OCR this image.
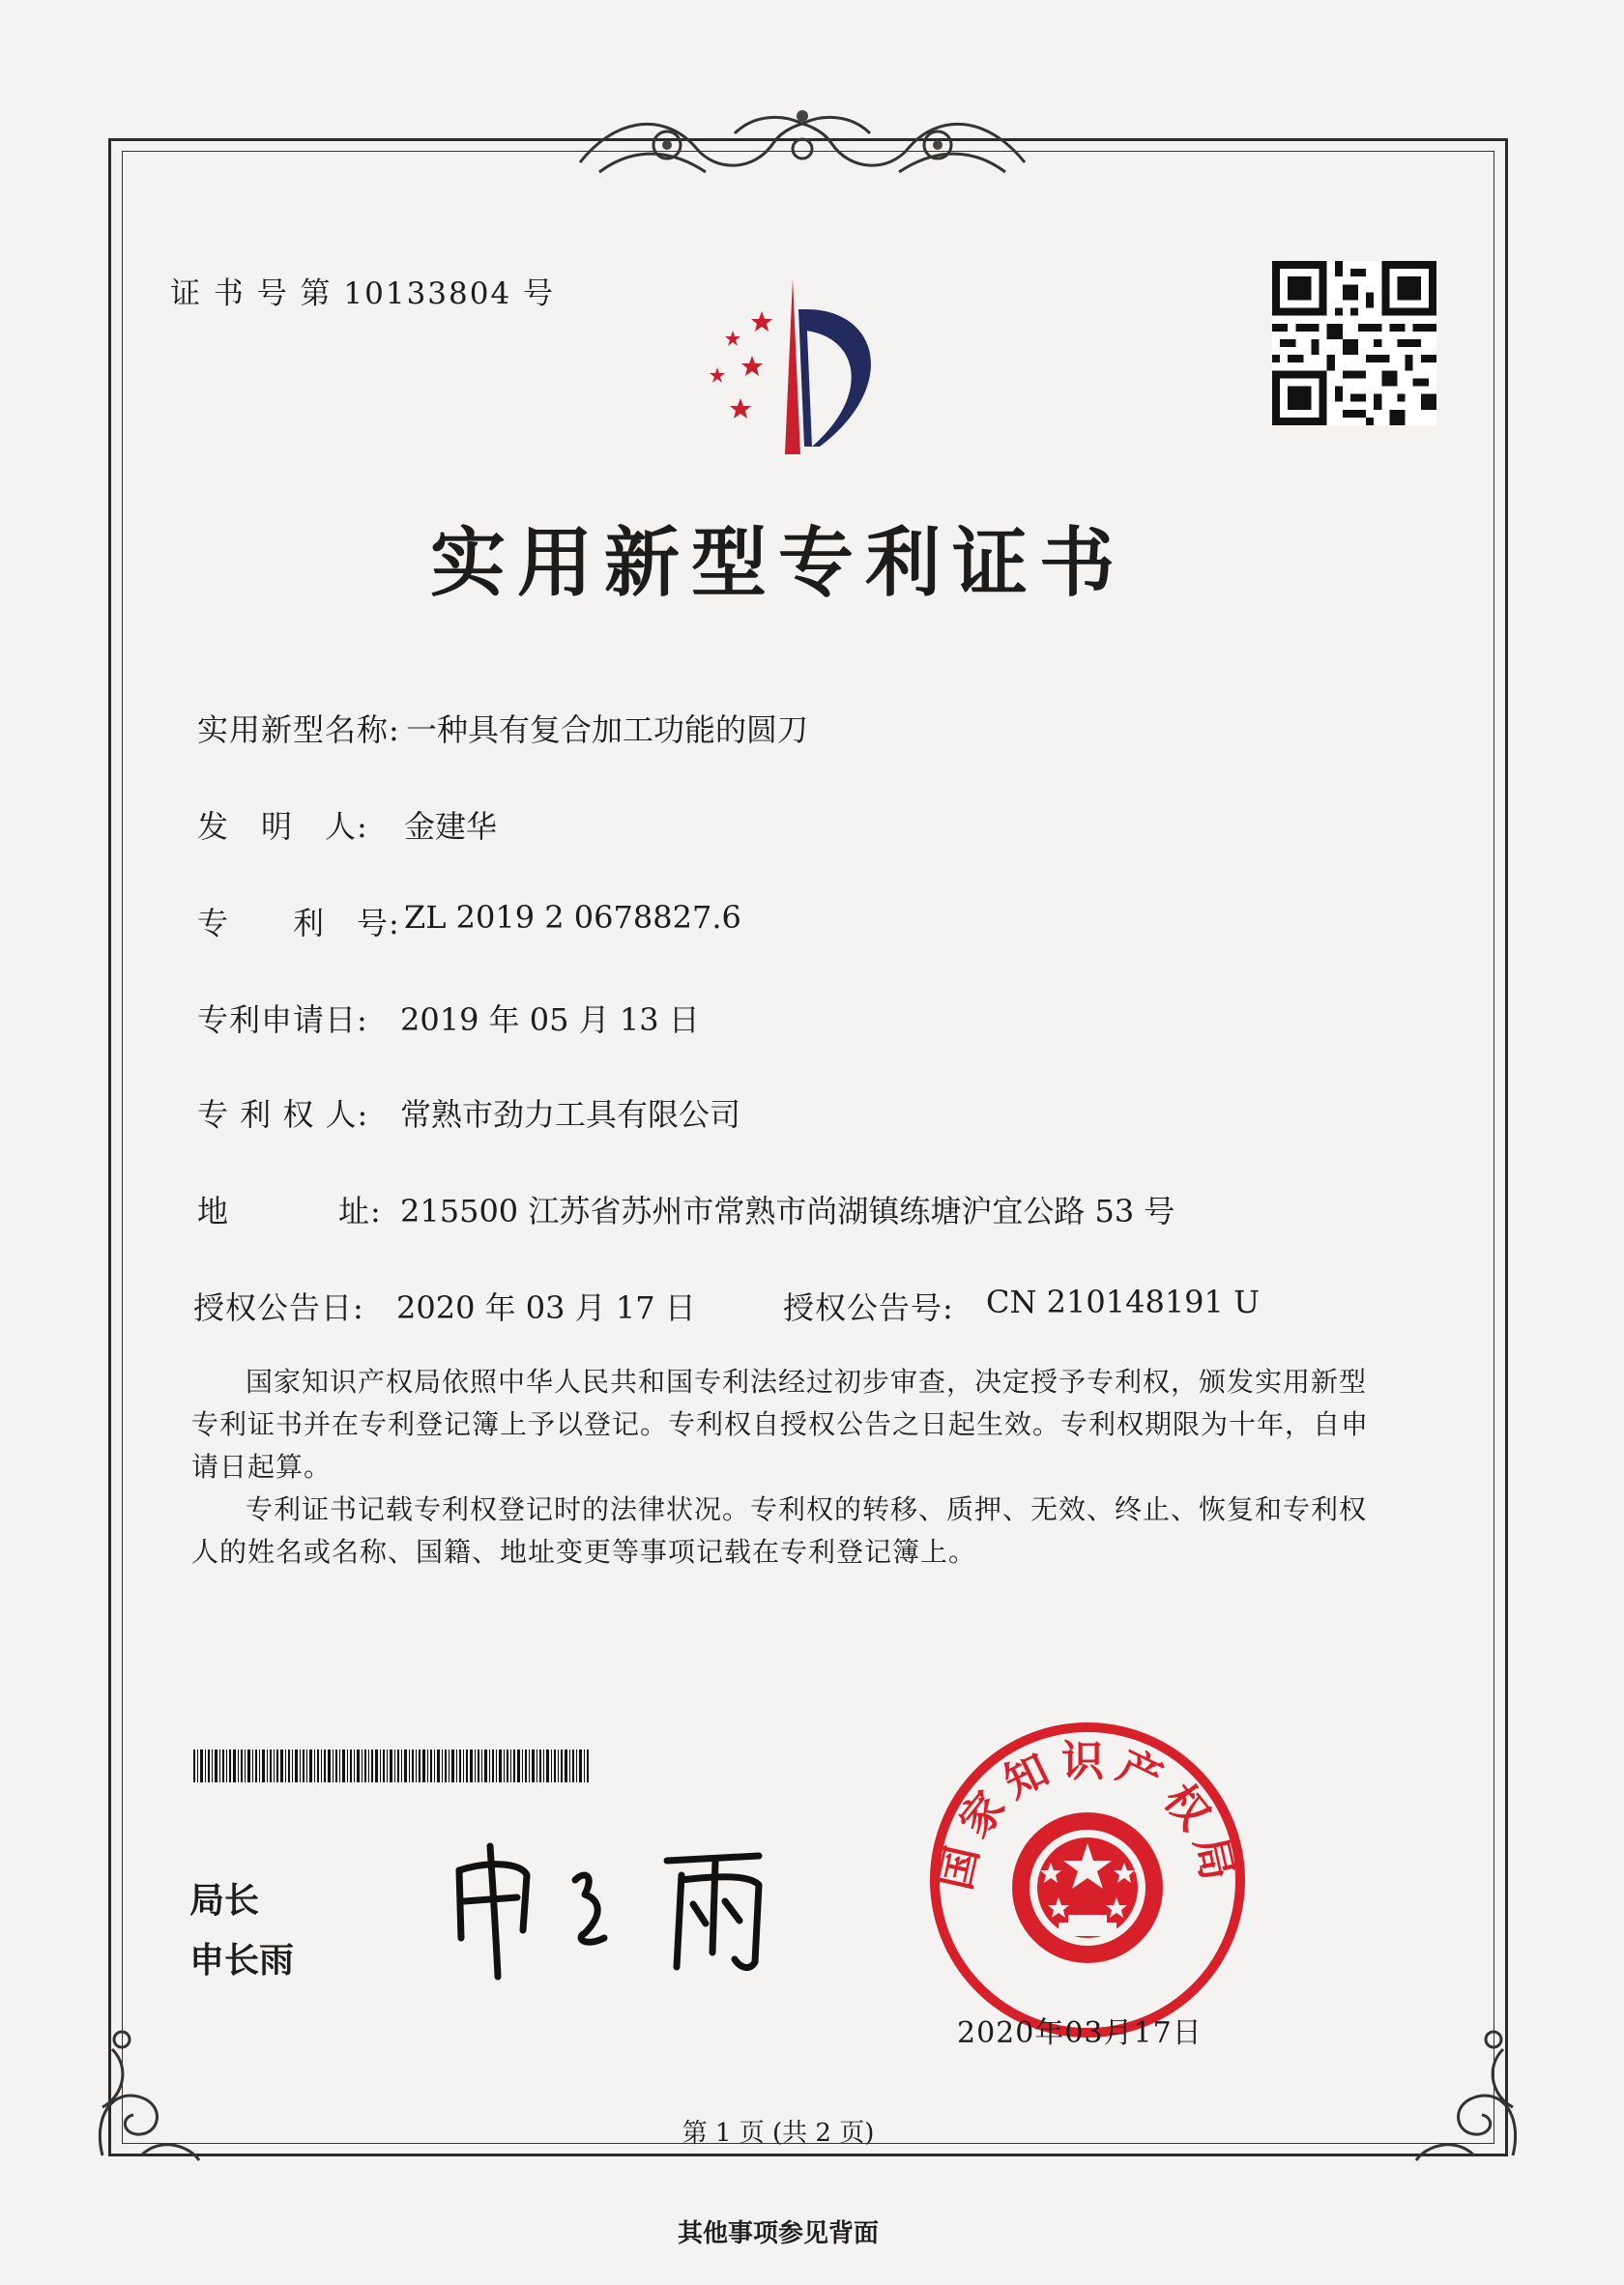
证 书 号 第 10133804 号
实用新型专利证书
实用新型名称: 一种具有复合加工功能的圆刀
发　明　人: 金建华
专　　利　号: ZL 2019 2 0678827.6
专利申请日: 2019 年 05 月 13 日
专 利 权 人: 常熟市劲力工具有限公司
地	址: 215500 江苏省苏州市常熟市尚湖镇练塘沪宜公路 53 号
授权公告日: 2020 年 03 月 17 日	授权公告号: CN 210148191 U

国家知识产权局依照中华人民共和国专利法经过初步审查，决定授予专利权，颁发实用新型专利证书并在专利登记簿上予以登记。专利权自授权公告之日起生效。专利权期限为十年，自申请日起算。

专利证书记载专利权登记时的法律状况。专利权的转移、质押、无效、终止、恢复和专利权人的姓名或名称、国籍、地址变更等事项记载在专利登记簿上。

局长
申长雨
国家知识产权局
2020年03月17日
第 1 页 (共 2 页)
其他事项参见背面
